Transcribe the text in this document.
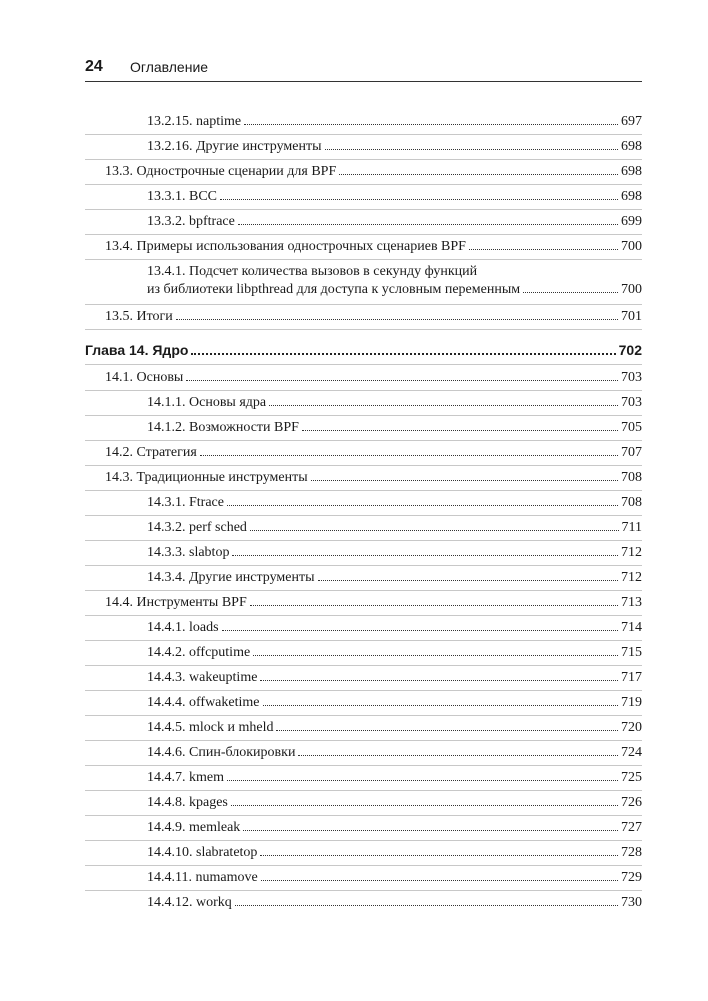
24 Оглавление
13.2.15. naptime	697
13.2.16. Другие инструменты	698
13.3. Однострочные сценарии для BPF	698
13.3.1. BCC	698
13.3.2. bpftrace	699
13.4. Примеры использования однострочных сценариев BPF	700
13.4.1. Подсчет количества вызовов в секунду функций
из библиотеки libpthread для доступа к условным переменным	700
13.5. Итоги	701
Глава 14. Ядро	702
14.1. Основы	703
14.1.1. Основы ядра	703
14.1.2. Возможности BPF	705
14.2. Стратегия	707
14.3. Традиционные инструменты	708
14.3.1. Ftrace	708
14.3.2. perf sched	711
14.3.3. slabtop	712
14.3.4. Другие инструменты	712
14.4. Инструменты BPF	713
14.4.1. loads	714
14.4.2. offcputime	715
14.4.3. wakeuptime	717
14.4.4. offwaketime	719
14.4.5. mlock и mheld	720
14.4.6. Спин-блокировки	724
14.4.7. kmem	725
14.4.8. kpages	726
14.4.9. memleak	727
14.4.10. slabratetop	728
14.4.11. numamove	729
14.4.12. workq	730
